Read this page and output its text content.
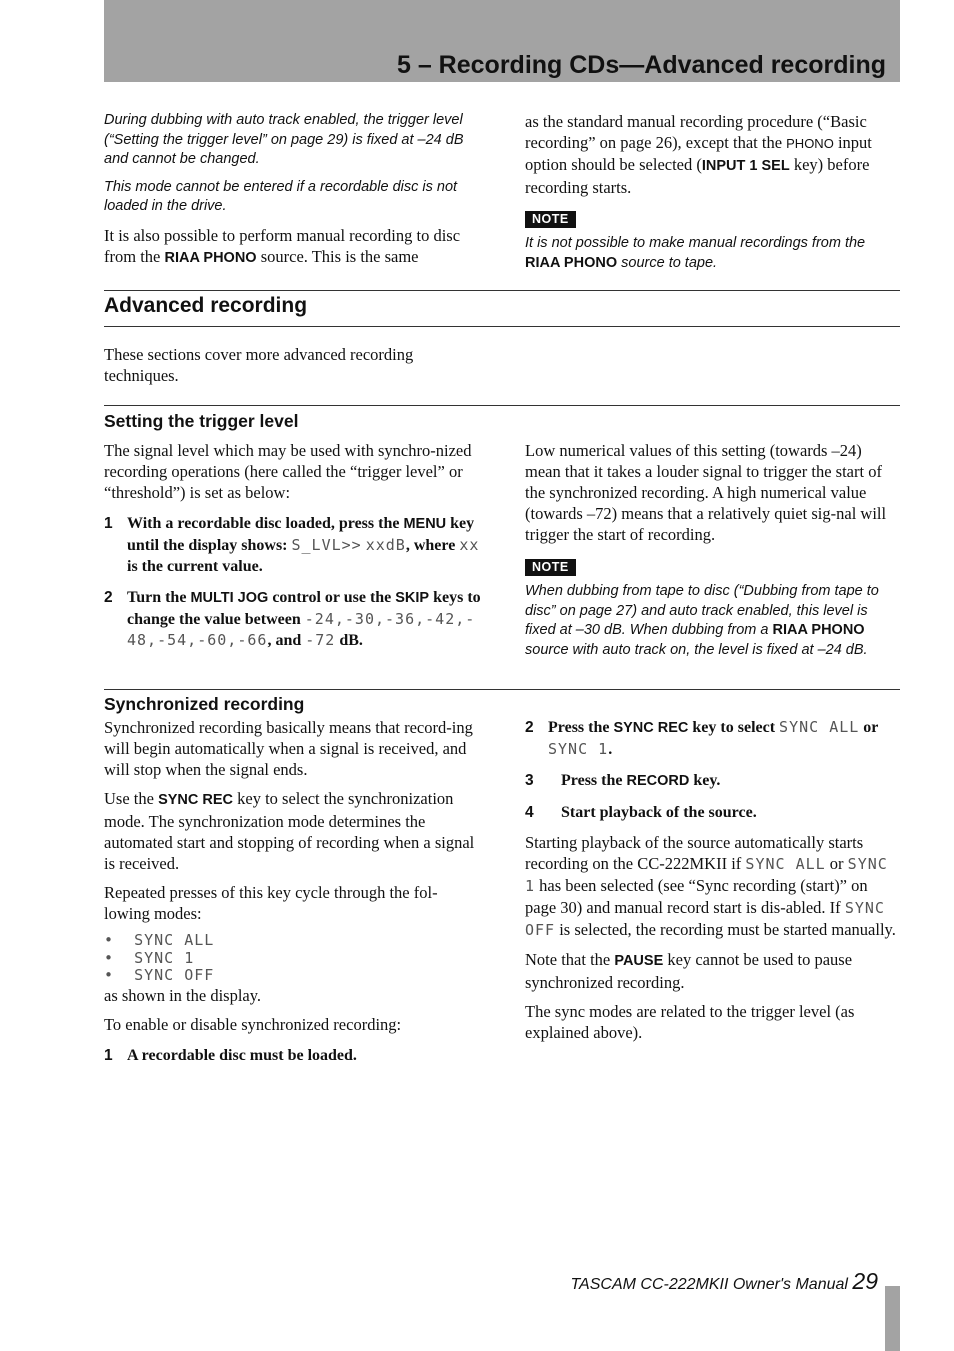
5 – Recording CDs—Advanced recording

During dubbing with auto track enabled, the trigger level (“Setting the trigger level” on page 29) is fixed at –24 dB and cannot be changed.

This mode cannot be entered if a recordable disc is not loaded in the drive.

It is also possible to perform manual recording to disc from the RIAA PHONO source. This is the same

as the standard manual recording procedure (“Basic recording” on page 26), except that the PHONO input option should be selected (INPUT 1 SEL key) before recording starts.

NOTE

It is not possible to make manual recordings from the RIAA PHONO source to tape.

Advanced recording

These sections cover more advanced recording techniques.

Setting the trigger level

The signal level which may be used with synchro-nized recording operations (here called the “trigger level” or “threshold”) is set as below:

1 With a recordable disc loaded, press the MENU key until the display shows: S_LVL>> xxdB, where xx is the current value.
2 Turn the MULTI JOG control or use the SKIP keys to change the value between -24,-30,-36,-42,-48,-54,-60,-66, and -72 dB.

Low numerical values of this setting (towards –24) mean that it takes a louder signal to trigger the start of the synchronized recording. A high numerical value (towards –72) means that a relatively quiet sig-nal will trigger the start of recording.

NOTE

When dubbing from tape to disc (“Dubbing from tape to disc” on page 27) and auto track enabled, this level is fixed at –30 dB. When dubbing from a RIAA PHONO source with auto track on, the level is fixed at –24 dB.

Synchronized recording

Synchronized recording basically means that record-ing will begin automatically when a signal is received, and will stop when the signal ends.

Use the SYNC REC key to select the synchronization mode. The synchronization mode determines the automated start and stopping of recording when a signal is received.

Repeated presses of this key cycle through the fol-lowing modes:

•  SYNC ALL
•  SYNC 1
•  SYNC OFF

as shown in the display.

To enable or disable synchronized recording:

1 A recordable disc must be loaded.
2 Press the SYNC REC key to select SYNC ALL or SYNC 1.
3 Press the RECORD key.
4 Start playback of the source.

Starting playback of the source automatically starts recording on the CC-222MKII if SYNC ALL or SYNC 1 has been selected (see “Sync recording (start)” on page 30) and manual record start is dis-abled. If SYNC OFF is selected, the recording must be started manually.

Note that the PAUSE key cannot be used to pause synchronized recording.

The sync modes are related to the trigger level (as explained above).

TASCAM CC-222MKII Owner's Manual 29
